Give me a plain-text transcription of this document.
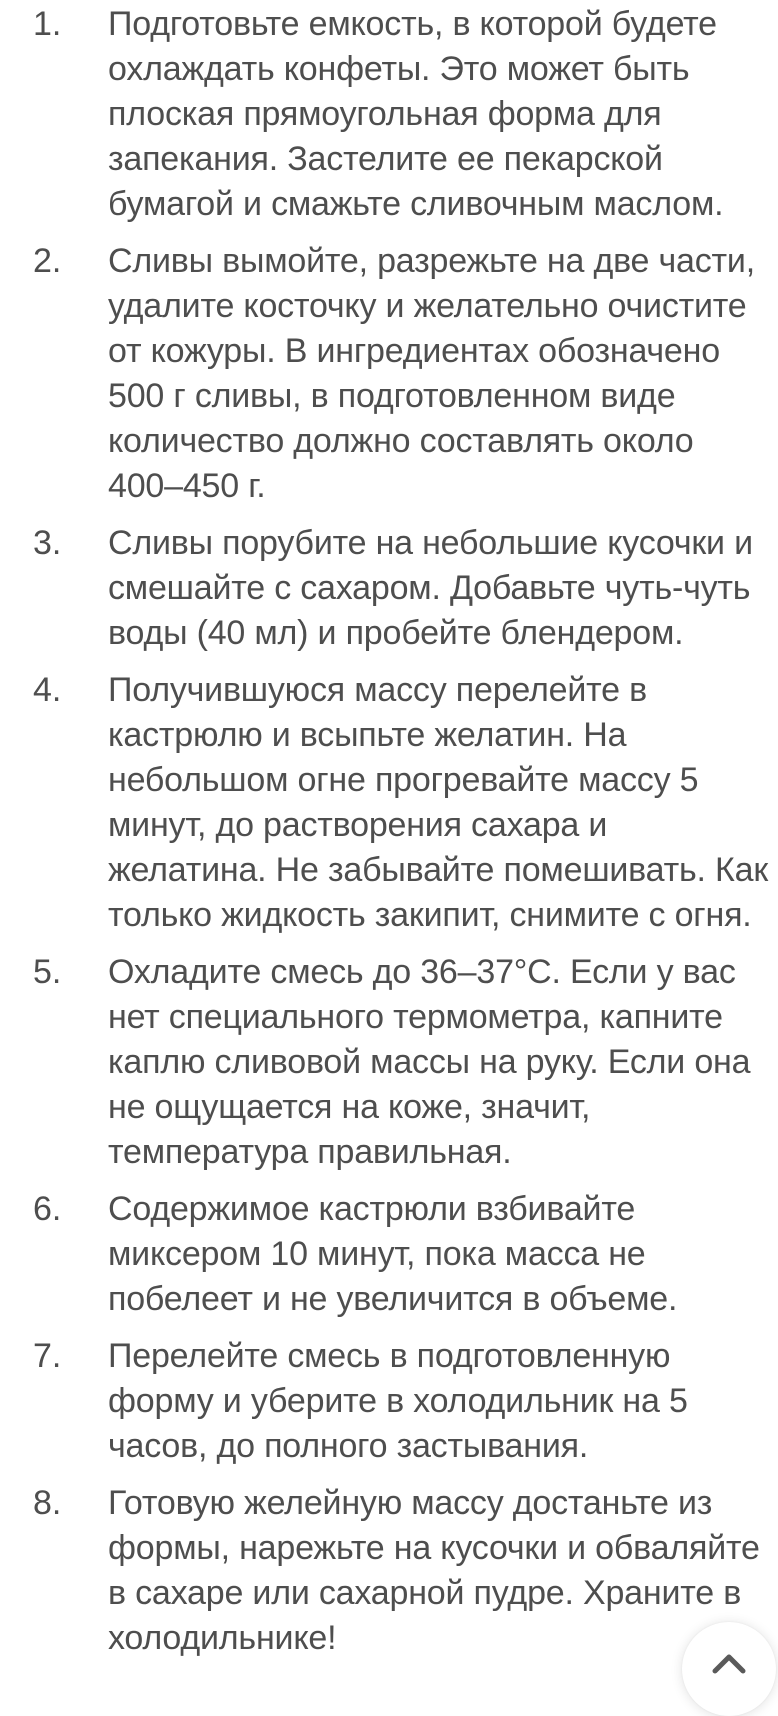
1.	Подготовьте емкость, в которой будете охлаждать конфеты. Это может быть плоская прямоугольная форма для запекания. Застелите ее пекарской бумагой и смажьте сливочным маслом.

2.	Сливы вымойте, разрежьте на две части, удалите косточку и желательно очистите от кожуры. В ингредиентах обозначено 500 г сливы, в подготовленном виде количество должно составлять около 400–450 г.

3.	Сливы порубите на небольшие кусочки и смешайте с сахаром. Добавьте чуть-чуть воды (40 мл) и пробейте блендером.

4.	Получившуюся массу перелейте в кастрюлю и всыпьте желатин. На небольшом огне прогревайте массу 5 минут, до растворения сахара и желатина. Не забывайте помешивать. Как только жидкость закипит, снимите с огня.

5.	Охладите смесь до 36–37°С. Если у вас нет специального термометра, капните каплю сливовой массы на руку. Если она не ощущается на коже, значит, температура правильная.

6.	Содержимое кастрюли взбивайте миксером 10 минут, пока масса не побелеет и не увеличится в объеме.

7.	Перелейте смесь в подготовленную форму и уберите в холодильник на 5 часов, до полного застывания.

8.	Готовую желейную массу достаньте из формы, нарежьте на кусочки и обваляйте в сахаре или сахарной пудре. Храните в холодильнике!
